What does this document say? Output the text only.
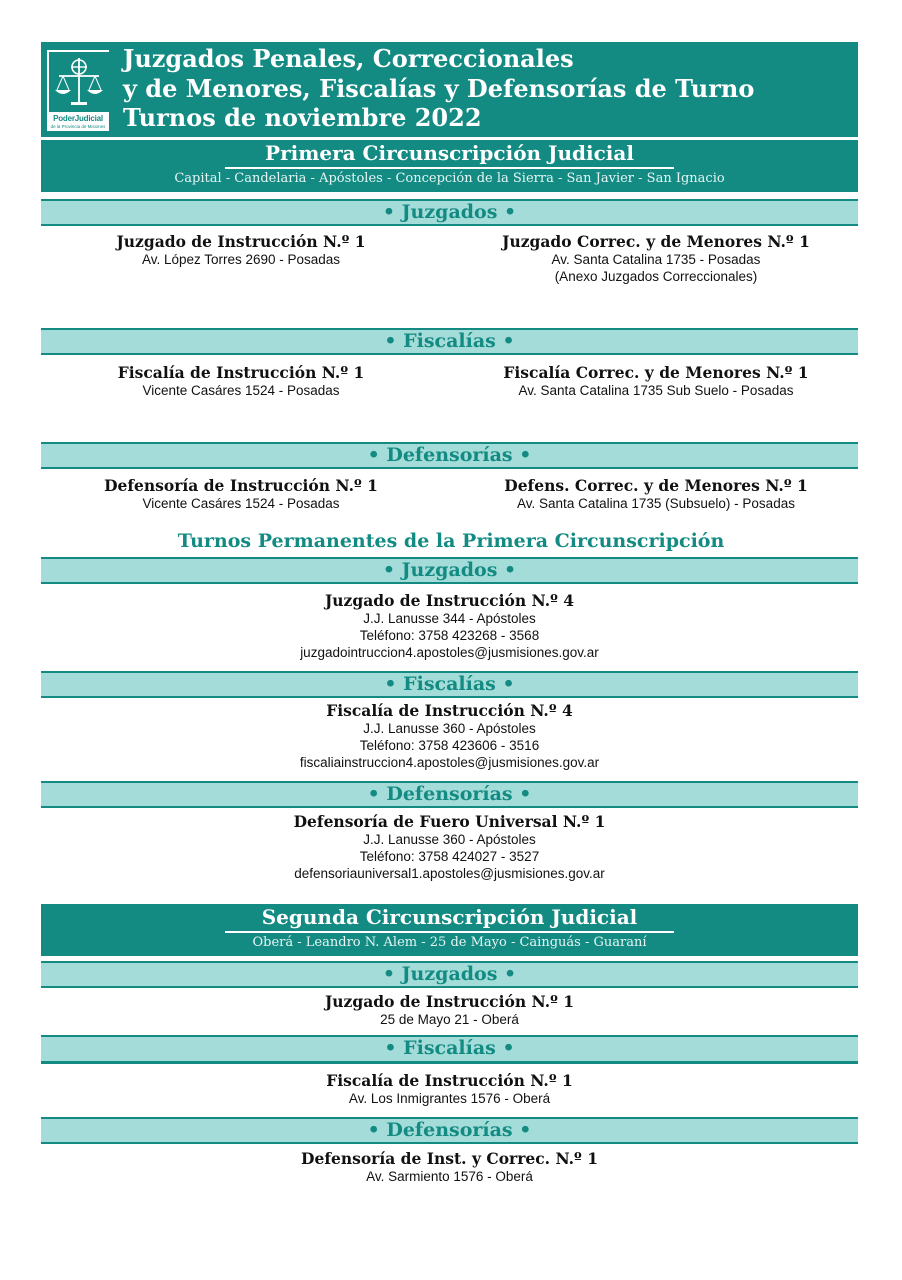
PoderJudicial
de la Provincia de Misiones
Juzgados Penales, Correccionales
y de Menores, Fiscalías y Defensorías de Turno
Turnos de noviembre 2022
Primera Circunscripción Judicial
Capital - Candelaria - Apóstoles - Concepción de la Sierra - San Javier - San Ignacio
• Juzgados •
Juzgado de Instrucción N.º 1
Av. López Torres 2690 - Posadas
Juzgado Correc. y de Menores N.º 1
Av. Santa Catalina 1735 - Posadas
(Anexo Juzgados Correccionales)
• Fiscalías •
Fiscalía de Instrucción N.º 1
Vicente Casáres 1524 - Posadas
Fiscalía Correc. y de Menores N.º 1
Av. Santa Catalina 1735 Sub Suelo - Posadas
• Defensorías •
Defensoría de Instrucción N.º 1
Vicente Casáres 1524 - Posadas
Defens. Correc. y de Menores N.º 1
Av. Santa Catalina 1735 (Subsuelo) - Posadas
Turnos Permanentes de la Primera Circunscripción
• Juzgados •
Juzgado de Instrucción N.º 4
J.J. Lanusse 344 - Apóstoles
Teléfono: 3758 423268 - 3568
juzgadointruccion4.apostoles@jusmisiones.gov.ar
• Fiscalías •
Fiscalía de Instrucción N.º 4
J.J. Lanusse 360 - Apóstoles
Teléfono: 3758 423606 - 3516
fiscaliainstruccion4.apostoles@jusmisiones.gov.ar
• Defensorías •
Defensoría de Fuero Universal N.º 1
J.J. Lanusse 360 - Apóstoles
Teléfono: 3758 424027 - 3527
defensoriauniversal1.apostoles@jusmisiones.gov.ar
Segunda Circunscripción Judicial
Oberá - Leandro N. Alem - 25 de Mayo - Cainguás - Guaraní
• Juzgados •
Juzgado de Instrucción N.º 1
25 de Mayo 21 - Oberá
• Fiscalías •
Fiscalía de Instrucción N.º 1
Av. Los Inmigrantes 1576 - Oberá
• Defensorías •
Defensoría de Inst. y Correc. N.º 1
Av. Sarmiento 1576 - Oberá
